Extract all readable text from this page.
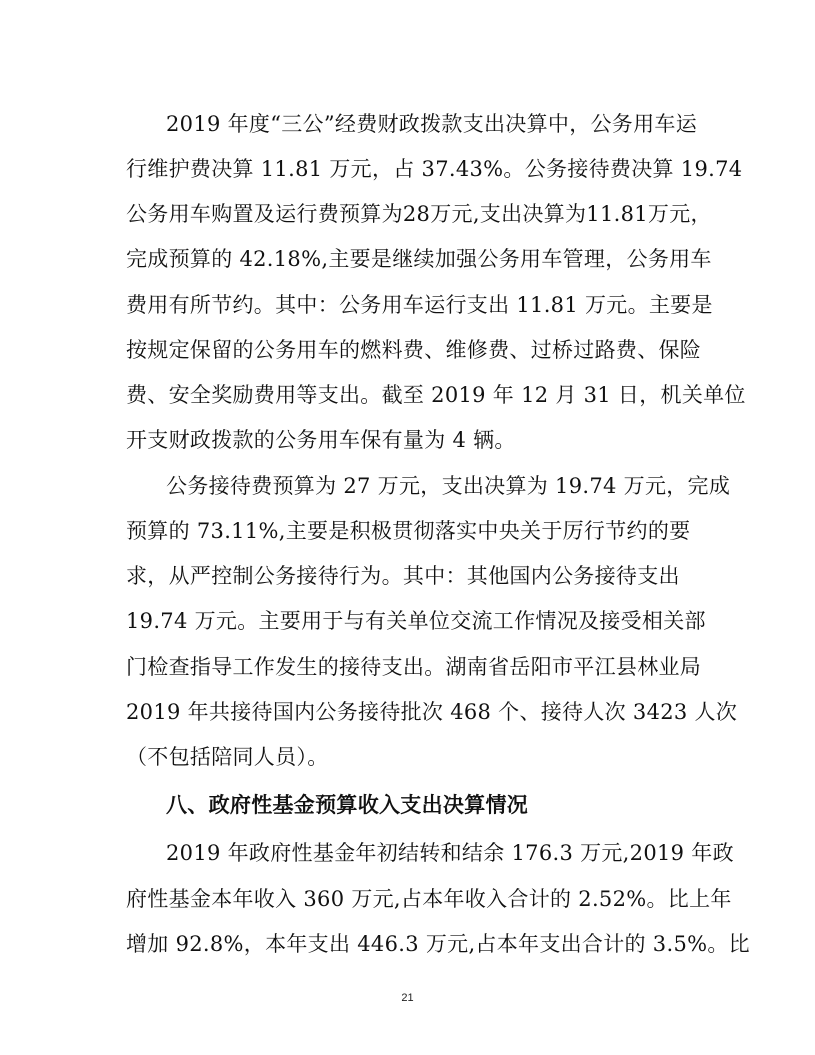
2019 年度“三公”经费财政拨款支出决算中，公务用车运
行维护费决算 11.81 万元，占 37.43%。公务接待费决算 19.74
公务用车购置及运行费预算为28万元,支出决算为11.81万元，
完成预算的 42.18%,主要是继续加强公务用车管理，公务用车
费用有所节约。其中：公务用车运行支出 11.81 万元。主要是
按规定保留的公务用车的燃料费、维修费、过桥过路费、保险
费、安全奖励费用等支出。截至 2019 年 12 月 31 日，机关单位
开支财政拨款的公务用车保有量为 4 辆。
公务接待费预算为 27 万元，支出决算为 19.74 万元，完成
预算的 73.11%,主要是积极贯彻落实中央关于厉行节约的要
求，从严控制公务接待行为。其中：其他国内公务接待支出
19.74 万元。主要用于与有关单位交流工作情况及接受相关部
门检查指导工作发生的接待支出。湖南省岳阳市平江县林业局
2019 年共接待国内公务接待批次 468 个、接待人次 3423 人次
（不包括陪同人员）。
八、政府性基金预算收入支出决算情况
2019 年政府性基金年初结转和结余 176.3 万元,2019 年政
府性基金本年收入 360 万元,占本年收入合计的 2.52%。比上年
增加 92.8%，本年支出 446.3 万元,占本年支出合计的 3.5%。比
21
